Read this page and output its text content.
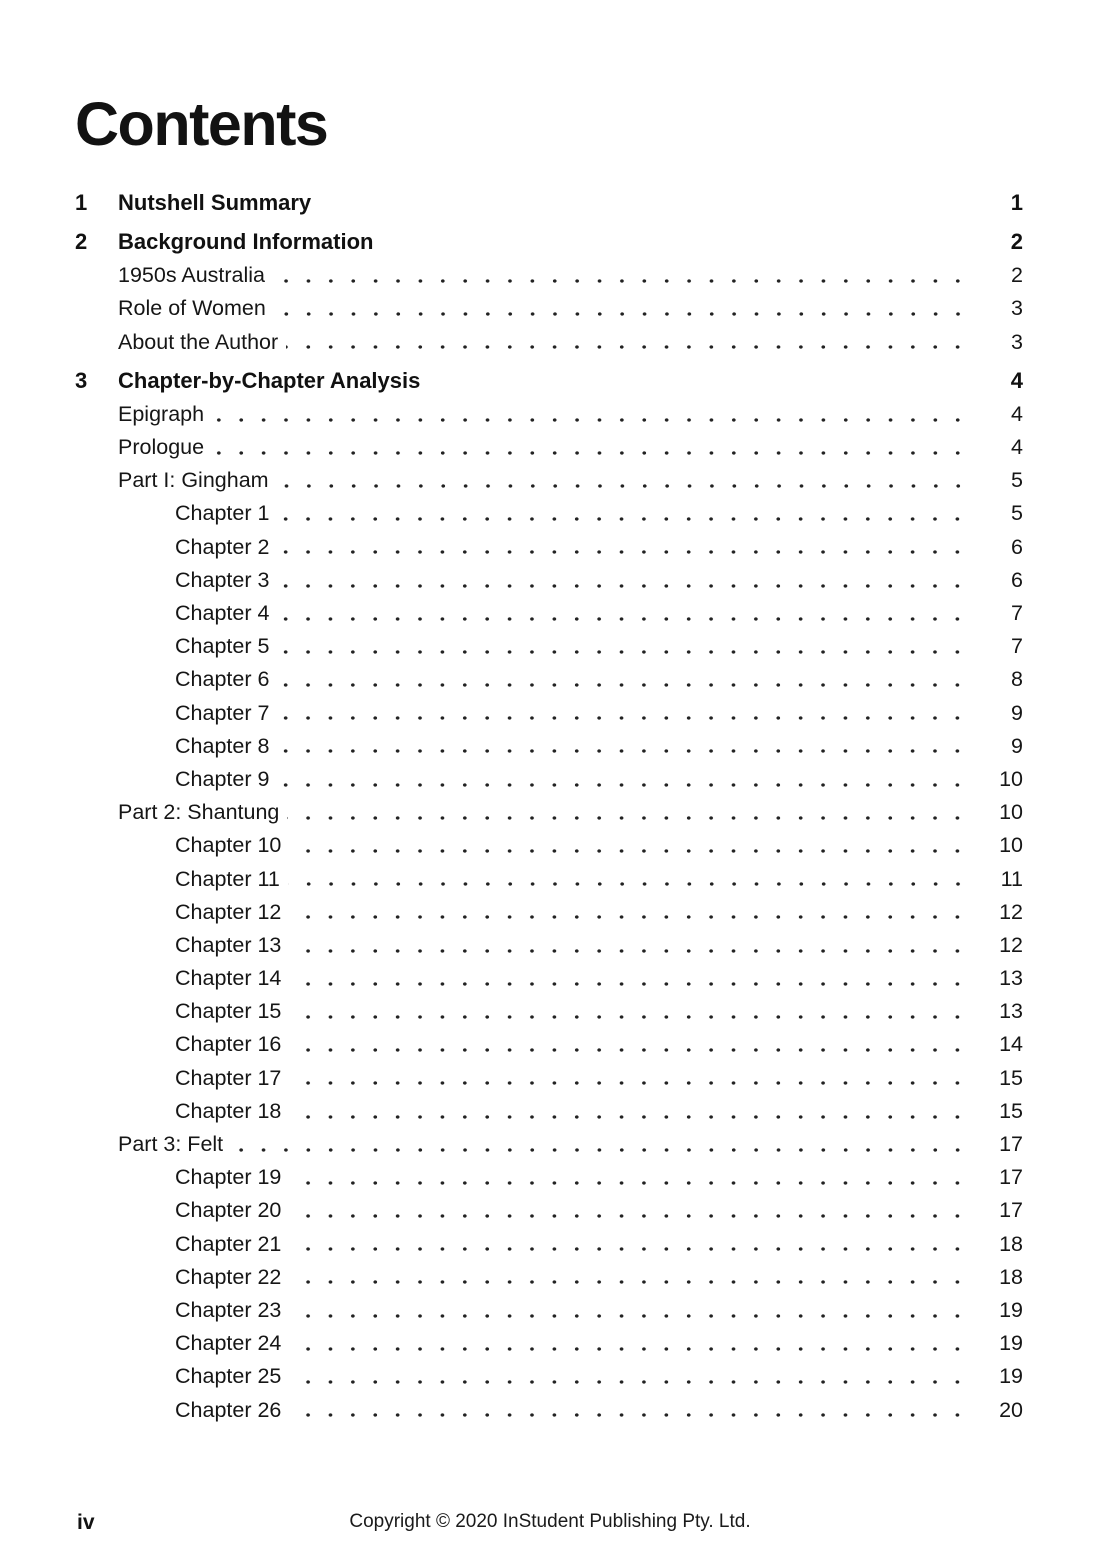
Contents
1	Nutshell Summary	1
2	Background Information	2
1950s Australia	2
Role of Women	3
About the Author	3
3	Chapter-by-Chapter Analysis	4
Epigraph	4
Prologue	4
Part I: Gingham	5
Chapter 1	5
Chapter 2	6
Chapter 3	6
Chapter 4	7
Chapter 5	7
Chapter 6	8
Chapter 7	9
Chapter 8	9
Chapter 9	10
Part 2: Shantung	10
Chapter 10	10
Chapter 11	11
Chapter 12	12
Chapter 13	12
Chapter 14	13
Chapter 15	13
Chapter 16	14
Chapter 17	15
Chapter 18	15
Part 3: Felt	17
Chapter 19	17
Chapter 20	17
Chapter 21	18
Chapter 22	18
Chapter 23	19
Chapter 24	19
Chapter 25	19
Chapter 26	20
iv	Copyright © 2020 InStudent Publishing Pty. Ltd.
